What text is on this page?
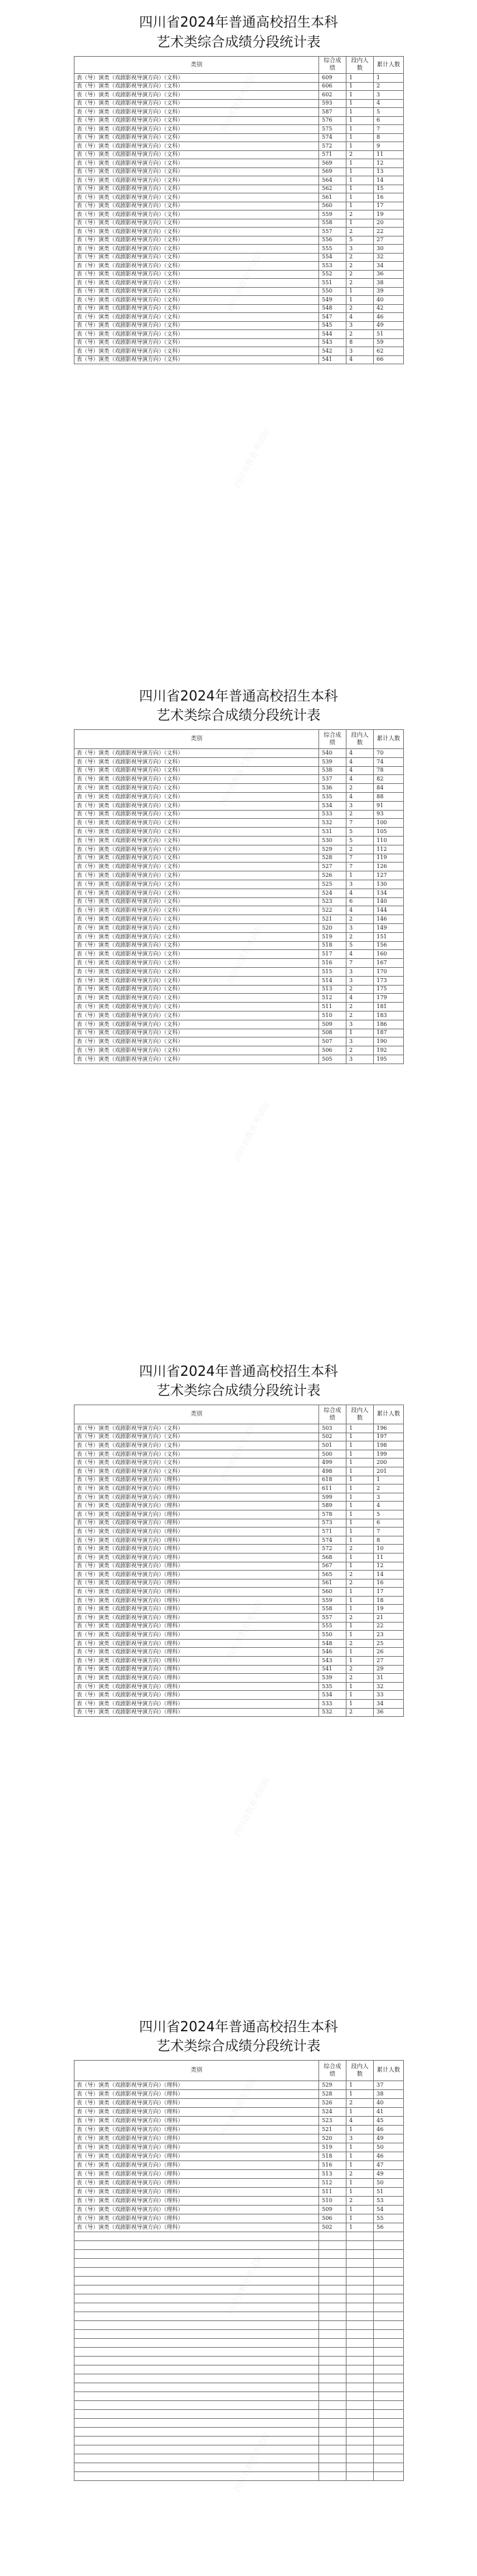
四川省2024年普通高校招生本科
艺术类综合成绩分段统计表
类别	综合成绩	段内人数	累计人数
表（导）演类（戏剧影视导演方向）（文科）	609	1	1
表（导）演类（戏剧影视导演方向）（文科）	606	1	2
表（导）演类（戏剧影视导演方向）（文科）	602	1	3
表（导）演类（戏剧影视导演方向）（文科）	593	1	4
表（导）演类（戏剧影视导演方向）（文科）	587	1	5
表（导）演类（戏剧影视导演方向）（文科）	576	1	6
表（导）演类（戏剧影视导演方向）（文科）	575	1	7
表（导）演类（戏剧影视导演方向）（文科）	574	1	8
表（导）演类（戏剧影视导演方向）（文科）	572	1	9
表（导）演类（戏剧影视导演方向）（文科）	571	2	11
表（导）演类（戏剧影视导演方向）（文科）	569	1	12
表（导）演类（戏剧影视导演方向）（文科）	569	1	13
表（导）演类（戏剧影视导演方向）（文科）	564	1	14
表（导）演类（戏剧影视导演方向）（文科）	562	1	15
表（导）演类（戏剧影视导演方向）（文科）	561	1	16
表（导）演类（戏剧影视导演方向）（文科）	560	1	17
表（导）演类（戏剧影视导演方向）（文科）	559	2	19
表（导）演类（戏剧影视导演方向）（文科）	558	1	20
表（导）演类（戏剧影视导演方向）（文科）	557	2	22
表（导）演类（戏剧影视导演方向）（文科）	556	5	27
表（导）演类（戏剧影视导演方向）（文科）	555	3	30
表（导）演类（戏剧影视导演方向）（文科）	554	2	32
表（导）演类（戏剧影视导演方向）（文科）	553	2	34
表（导）演类（戏剧影视导演方向）（文科）	552	2	36
表（导）演类（戏剧影视导演方向）（文科）	551	2	38
表（导）演类（戏剧影视导演方向）（文科）	550	1	39
表（导）演类（戏剧影视导演方向）（文科）	549	1	40
表（导）演类（戏剧影视导演方向）（文科）	548	2	42
表（导）演类（戏剧影视导演方向）（文科）	547	4	46
表（导）演类（戏剧影视导演方向）（文科）	545	3	49
表（导）演类（戏剧影视导演方向）（文科）	544	2	51
表（导）演类（戏剧影视导演方向）（文科）	543	8	59
表（导）演类（戏剧影视导演方向）（文科）	542	3	62
表（导）演类（戏剧影视导演方向）（文科）	541	4	66
四川省教育考试院
四川省教育考试院
四川省教育考试院
四川省2024年普通高校招生本科
艺术类综合成绩分段统计表
类别	综合成绩	段内人数	累计人数
表（导）演类（戏剧影视导演方向）（文科）	540	4	70
表（导）演类（戏剧影视导演方向）（文科）	539	4	74
表（导）演类（戏剧影视导演方向）（文科）	538	4	78
表（导）演类（戏剧影视导演方向）（文科）	537	4	82
表（导）演类（戏剧影视导演方向）（文科）	536	2	84
表（导）演类（戏剧影视导演方向）（文科）	535	4	88
表（导）演类（戏剧影视导演方向）（文科）	534	3	91
表（导）演类（戏剧影视导演方向）（文科）	533	2	93
表（导）演类（戏剧影视导演方向）（文科）	532	7	100
表（导）演类（戏剧影视导演方向）（文科）	531	5	105
表（导）演类（戏剧影视导演方向）（文科）	530	5	110
表（导）演类（戏剧影视导演方向）（文科）	529	2	112
表（导）演类（戏剧影视导演方向）（文科）	528	7	119
表（导）演类（戏剧影视导演方向）（文科）	527	7	126
表（导）演类（戏剧影视导演方向）（文科）	526	1	127
表（导）演类（戏剧影视导演方向）（文科）	525	3	130
表（导）演类（戏剧影视导演方向）（文科）	524	4	134
表（导）演类（戏剧影视导演方向）（文科）	523	6	140
表（导）演类（戏剧影视导演方向）（文科）	522	4	144
表（导）演类（戏剧影视导演方向）（文科）	521	2	146
表（导）演类（戏剧影视导演方向）（文科）	520	3	149
表（导）演类（戏剧影视导演方向）（文科）	519	2	151
表（导）演类（戏剧影视导演方向）（文科）	518	5	156
表（导）演类（戏剧影视导演方向）（文科）	517	4	160
表（导）演类（戏剧影视导演方向）（文科）	516	7	167
表（导）演类（戏剧影视导演方向）（文科）	515	3	170
表（导）演类（戏剧影视导演方向）（文科）	514	3	173
表（导）演类（戏剧影视导演方向）（文科）	513	2	175
表（导）演类（戏剧影视导演方向）（文科）	512	4	179
表（导）演类（戏剧影视导演方向）（文科）	511	2	181
表（导）演类（戏剧影视导演方向）（文科）	510	2	183
表（导）演类（戏剧影视导演方向）（文科）	509	3	186
表（导）演类（戏剧影视导演方向）（文科）	508	1	187
表（导）演类（戏剧影视导演方向）（文科）	507	3	190
表（导）演类（戏剧影视导演方向）（文科）	506	2	192
表（导）演类（戏剧影视导演方向）（文科）	505	3	195
四川省教育考试院
四川省教育考试院
四川省教育考试院
四川省2024年普通高校招生本科
艺术类综合成绩分段统计表
类别	综合成绩	段内人数	累计人数
表（导）演类（戏剧影视导演方向）（文科）	503	1	196
表（导）演类（戏剧影视导演方向）（文科）	502	1	197
表（导）演类（戏剧影视导演方向）（文科）	501	1	198
表（导）演类（戏剧影视导演方向）（文科）	500	1	199
表（导）演类（戏剧影视导演方向）（文科）	499	1	200
表（导）演类（戏剧影视导演方向）（文科）	498	1	201
表（导）演类（戏剧影视导演方向）（理科）	618	1	1
表（导）演类（戏剧影视导演方向）（理科）	611	1	2
表（导）演类（戏剧影视导演方向）（理科）	599	1	3
表（导）演类（戏剧影视导演方向）（理科）	589	1	4
表（导）演类（戏剧影视导演方向）（理科）	578	1	5
表（导）演类（戏剧影视导演方向）（理科）	573	1	6
表（导）演类（戏剧影视导演方向）（理科）	571	1	7
表（导）演类（戏剧影视导演方向）（理科）	574	1	8
表（导）演类（戏剧影视导演方向）（理科）	572	2	10
表（导）演类（戏剧影视导演方向）（理科）	568	1	11
表（导）演类（戏剧影视导演方向）（理科）	567	1	12
表（导）演类（戏剧影视导演方向）（理科）	565	2	14
表（导）演类（戏剧影视导演方向）（理科）	561	2	16
表（导）演类（戏剧影视导演方向）（理科）	560	1	17
表（导）演类（戏剧影视导演方向）（理科）	559	1	18
表（导）演类（戏剧影视导演方向）（理科）	558	1	19
表（导）演类（戏剧影视导演方向）（理科）	557	2	21
表（导）演类（戏剧影视导演方向）（理科）	555	1	22
表（导）演类（戏剧影视导演方向）（理科）	550	1	23
表（导）演类（戏剧影视导演方向）（理科）	548	2	25
表（导）演类（戏剧影视导演方向）（理科）	546	1	26
表（导）演类（戏剧影视导演方向）（理科）	543	1	27
表（导）演类（戏剧影视导演方向）（理科）	541	2	29
表（导）演类（戏剧影视导演方向）（理科）	539	2	31
表（导）演类（戏剧影视导演方向）（理科）	535	1	32
表（导）演类（戏剧影视导演方向）（理科）	534	1	33
表（导）演类（戏剧影视导演方向）（理科）	533	1	34
表（导）演类（戏剧影视导演方向）（理科）	532	2	36
四川省教育考试院
四川省教育考试院
四川省教育考试院
四川省2024年普通高校招生本科
艺术类综合成绩分段统计表
类别	综合成绩	段内人数	累计人数
表（导）演类（戏剧影视导演方向）（理科）	529	1	37
表（导）演类（戏剧影视导演方向）（理科）	528	1	38
表（导）演类（戏剧影视导演方向）（理科）	526	2	40
表（导）演类（戏剧影视导演方向）（理科）	524	1	41
表（导）演类（戏剧影视导演方向）（理科）	523	4	45
表（导）演类（戏剧影视导演方向）（理科）	521	1	46
表（导）演类（戏剧影视导演方向）（理科）	520	3	49
表（导）演类（戏剧影视导演方向）（理科）	519	1	50
表（导）演类（戏剧影视导演方向）（理科）	518	1	46
表（导）演类（戏剧影视导演方向）（理科）	516	1	47
表（导）演类（戏剧影视导演方向）（理科）	513	2	49
表（导）演类（戏剧影视导演方向）（理科）	512	1	50
表（导）演类（戏剧影视导演方向）（理科）	511	1	51
表（导）演类（戏剧影视导演方向）（理科）	510	2	53
表（导）演类（戏剧影视导演方向）（理科）	509	1	54
表（导）演类（戏剧影视导演方向）（理科）	506	1	55
表（导）演类（戏剧影视导演方向）（理科）	502	1	56

四川省教育考试院
四川省教育考试院
四川省教育考试院
